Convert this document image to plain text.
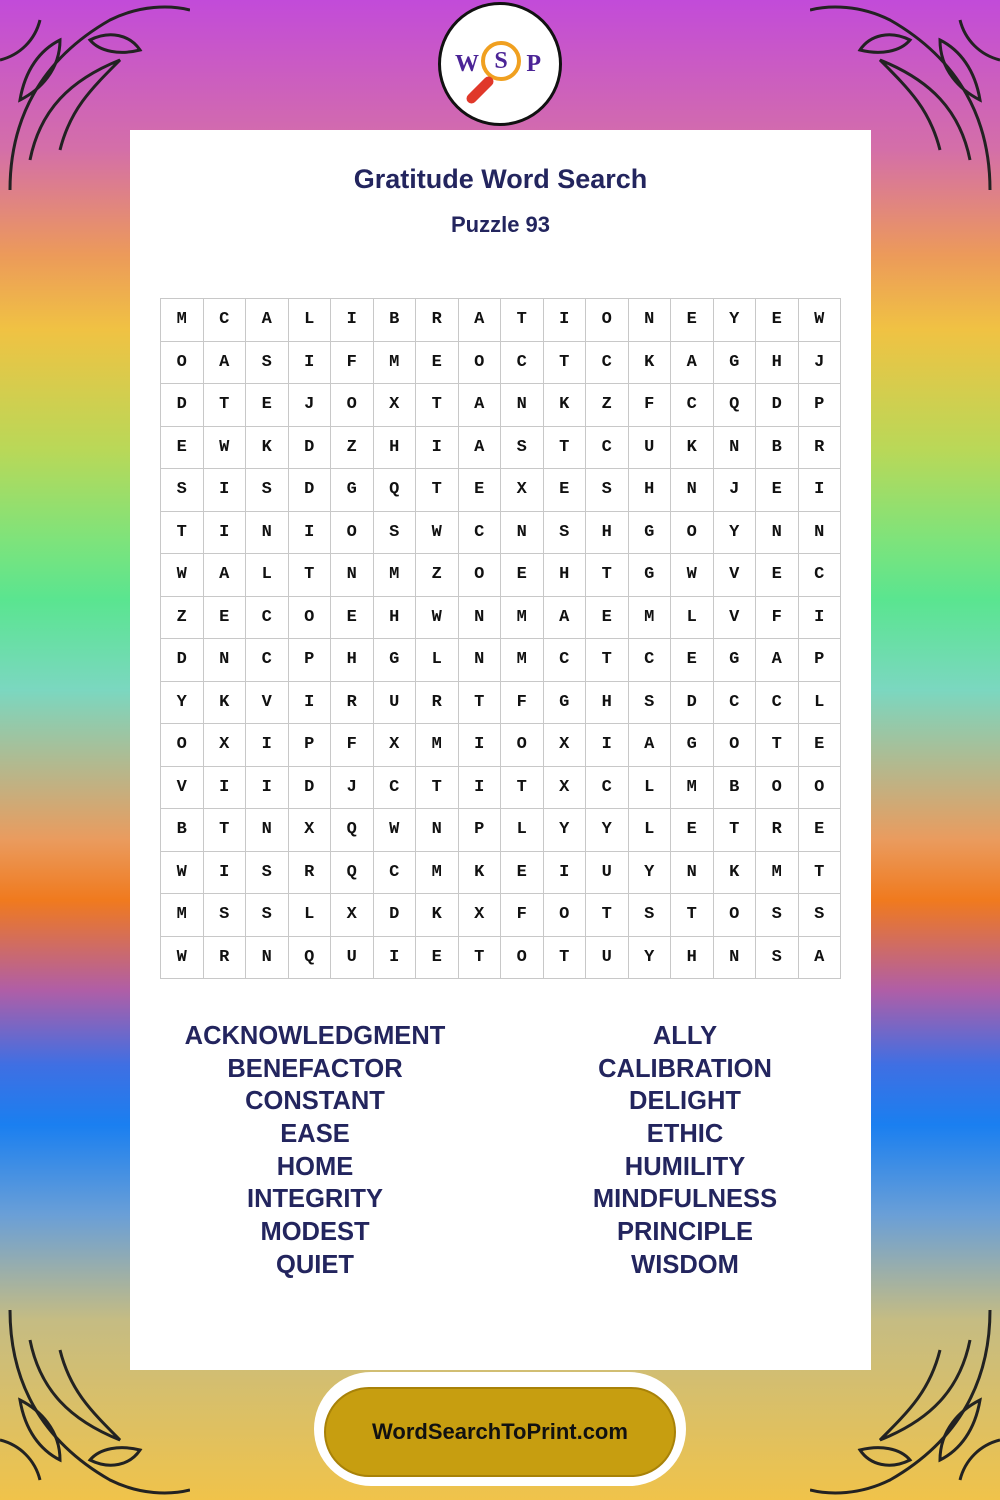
W S P
Gratitude Word Search
Puzzle 93
M	C	A	L	I	B	R	A	T	I	O	N	E	Y	E	W
O	A	S	I	F	M	E	O	C	T	C	K	A	G	H	J
D	T	E	J	O	X	T	A	N	K	Z	F	C	Q	D	P
E	W	K	D	Z	H	I	A	S	T	C	U	K	N	B	R
S	I	S	D	G	Q	T	E	X	E	S	H	N	J	E	I
T	I	N	I	O	S	W	C	N	S	H	G	O	Y	N	N
W	A	L	T	N	M	Z	O	E	H	T	G	W	V	E	C
Z	E	C	O	E	H	W	N	M	A	E	M	L	V	F	I
D	N	C	P	H	G	L	N	M	C	T	C	E	G	A	P
Y	K	V	I	R	U	R	T	F	G	H	S	D	C	C	L
O	X	I	P	F	X	M	I	O	X	I	A	G	O	T	E
V	I	I	D	J	C	T	I	T	X	C	L	M	B	O	O
B	T	N	X	Q	W	N	P	L	Y	Y	L	E	T	R	E
W	I	S	R	Q	C	M	K	E	I	U	Y	N	K	M	T
M	S	S	L	X	D	K	X	F	O	T	S	T	O	S	S
W	R	N	Q	U	I	E	T	O	T	U	Y	H	N	S	A
ACKNOWLEDGMENT
BENEFACTOR
CONSTANT
EASE
HOME
INTEGRITY
MODEST
QUIET
ALLY
CALIBRATION
DELIGHT
ETHIC
HUMILITY
MINDFULNESS
PRINCIPLE
WISDOM
WordSearchToPrint.com
